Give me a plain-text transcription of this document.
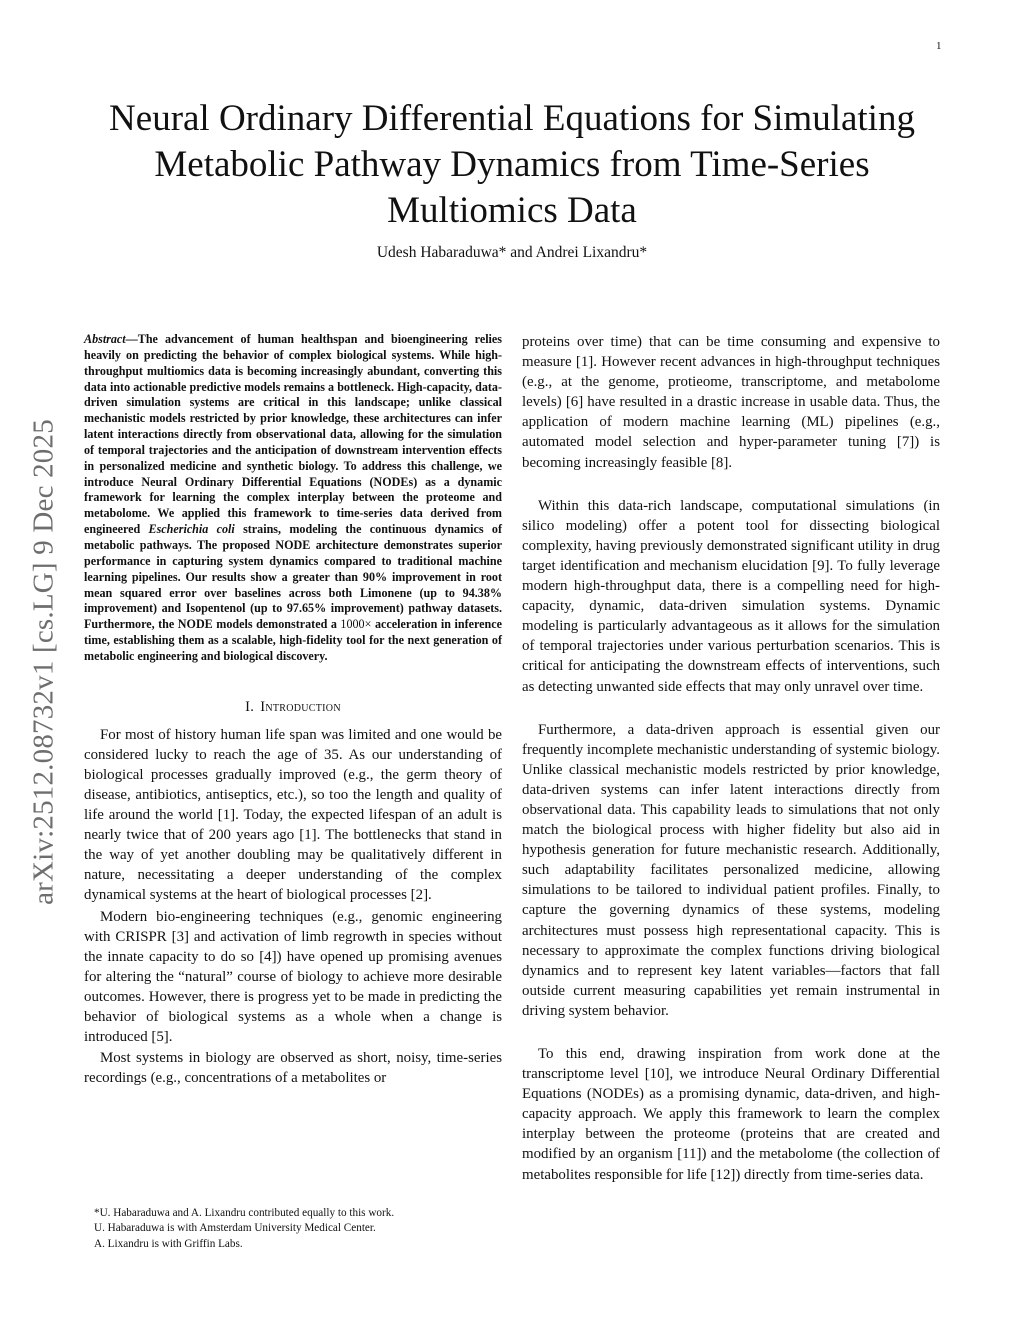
1
arXiv:2512.08732v1 [cs.LG] 9 Dec 2025
Neural Ordinary Differential Equations for Simulating Metabolic Pathway Dynamics from Time-Series Multiomics Data
Udesh Habaraduwa* and Andrei Lixandru*

Abstract—The advancement of human healthspan and bioengineering relies heavily on predicting the behavior of complex biological systems. While high-throughput multiomics data is becoming increasingly abundant, converting this data into actionable predictive models remains a bottleneck. High-capacity, data-driven simulation systems are critical in this landscape; unlike classical mechanistic models restricted by prior knowledge, these architectures can infer latent interactions directly from observational data, allowing for the simulation of temporal trajectories and the anticipation of downstream intervention effects in personalized medicine and synthetic biology. To address this challenge, we introduce Neural Ordinary Differential Equations (NODEs) as a dynamic framework for learning the complex interplay between the proteome and metabolome. We applied this framework to time-series data derived from engineered Escherichia coli strains, modeling the continuous dynamics of metabolic pathways. The proposed NODE architecture demonstrates superior performance in capturing system dynamics compared to traditional machine learning pipelines. Our results show a greater than 90% improvement in root mean squared error over baselines across both Limonene (up to 94.38% improvement) and Isopentenol (up to 97.65% improvement) pathway datasets. Furthermore, the NODE models demonstrated a 1000× acceleration in inference time, establishing them as a scalable, high-fidelity tool for the next generation of metabolic engineering and biological discovery.

I. Introduction

For most of history human life span was limited and one would be considered lucky to reach the age of 35. As our understanding of biological processes gradually improved (e.g., the germ theory of disease, antibiotics, antiseptics, etc.), so too the length and quality of life around the world [1]. Today, the expected lifespan of an adult is nearly twice that of 200 years ago [1]. The bottlenecks that stand in the way of yet another doubling may be qualitatively different in nature, necessitating a deeper understanding of the complex dynamical systems at the heart of biological processes [2].

Modern bio-engineering techniques (e.g., genomic engineering with CRISPR [3] and activation of limb regrowth in species without the innate capacity to do so [4]) have opened up promising avenues for altering the “natural” course of biology to achieve more desirable outcomes. However, there is progress yet to be made in predicting the behavior of biological systems as a whole when a change is introduced [5].

Most systems in biology are observed as short, noisy, time-series recordings (e.g., concentrations of a metabolites or

proteins over time) that can be time consuming and expensive to measure [1]. However recent advances in high-throughput techniques (e.g., at the genome, protieome, transcriptome, and metabolome levels) [6] have resulted in a drastic increase in usable data. Thus, the application of modern machine learning (ML) pipelines (e.g., automated model selection and hyper-parameter tuning [7]) is becoming increasingly feasible [8].

Within this data-rich landscape, computational simulations (in silico modeling) offer a potent tool for dissecting biological complexity, having previously demonstrated significant utility in drug target identification and mechanism elucidation [9]. To fully leverage modern high-throughput data, there is a compelling need for high-capacity, dynamic, data-driven simulation systems. Dynamic modeling is particularly advantageous as it allows for the simulation of temporal trajectories under various perturbation scenarios. This is critical for anticipating the downstream effects of interventions, such as detecting unwanted side effects that may only unravel over time.

Furthermore, a data-driven approach is essential given our frequently incomplete mechanistic understanding of systemic biology. Unlike classical mechanistic models restricted by prior knowledge, data-driven systems can infer latent interactions directly from observational data. This capability leads to simulations that not only match the biological process with higher fidelity but also aid in hypothesis generation for future mechanistic research. Additionally, such adaptability facilitates personalized medicine, allowing simulations to be tailored to individual patient profiles. Finally, to capture the governing dynamics of these systems, modeling architectures must possess high representational capacity. This is necessary to approximate the complex functions driving biological dynamics and to represent key latent variables—factors that fall outside current measuring capabilities yet remain instrumental in driving system behavior.

To this end, drawing inspiration from work done at the transcriptome level [10], we introduce Neural Ordinary Differential Equations (NODEs) as a promising dynamic, data-driven, and high-capacity approach. We apply this framework to learn the complex interplay between the proteome (proteins that are created and modified by an organism [11]) and the metabolome (the collection of metabolites responsible for life [12]) directly from time-series data.

*U. Habaraduwa and A. Lixandru contributed equally to this work.
U. Habaraduwa is with Amsterdam University Medical Center.
A. Lixandru is with Griffin Labs.
